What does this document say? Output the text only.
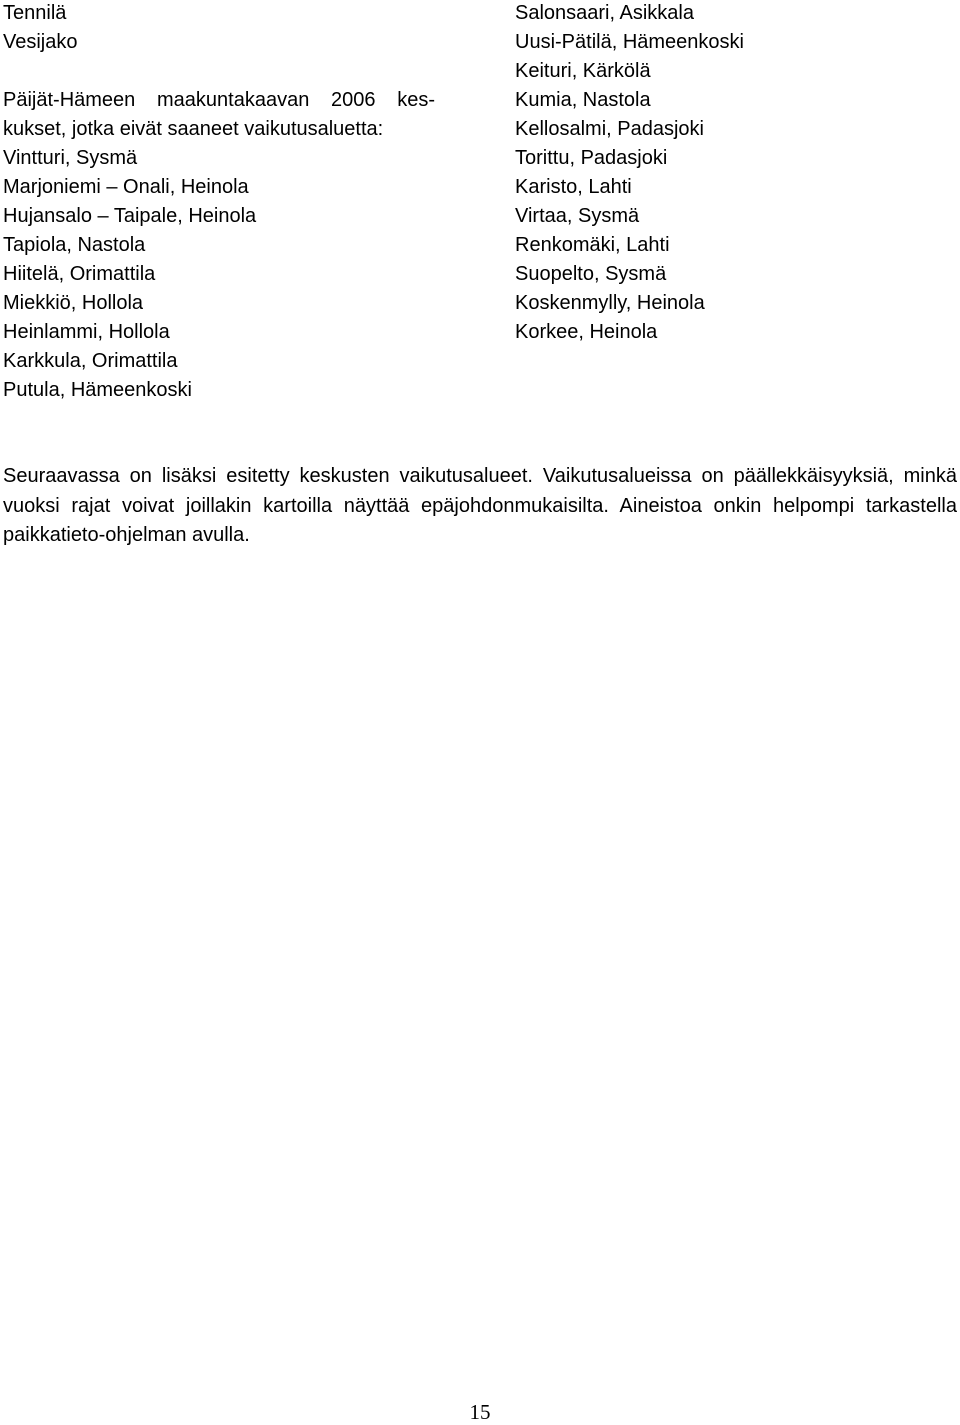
Tennilä
Vesijako
Päijät-Hämeen maakuntakaavan 2006 kes-
kukset, jotka eivät saaneet vaikutusaluetta:
Vintturi, Sysmä
Marjoniemi – Onali, Heinola
Hujansalo – Taipale, Heinola
Tapiola, Nastola
Hiitelä, Orimattila
Miekkiö, Hollola
Heinlammi, Hollola
Karkkula, Orimattila
Putula, Hämeenkoski
Salonsaari, Asikkala
Uusi-Pätilä, Hämeenkoski
Keituri, Kärkölä
Kumia, Nastola
Kellosalmi, Padasjoki
Torittu, Padasjoki
Karisto, Lahti
Virtaa, Sysmä
Renkomäki, Lahti
Suopelto, Sysmä
Koskenmylly, Heinola
Korkee, Heinola

Seuraavassa on lisäksi esitetty keskusten vaikutusalueet. Vaikutusalueissa on päällekkäisyyksiä, minkä vuoksi rajat voivat joillakin kartoilla näyttää epäjohdonmukaisilta. Aineistoa onkin helpompi tarkastella paikkatieto-ohjelman avulla.

15
